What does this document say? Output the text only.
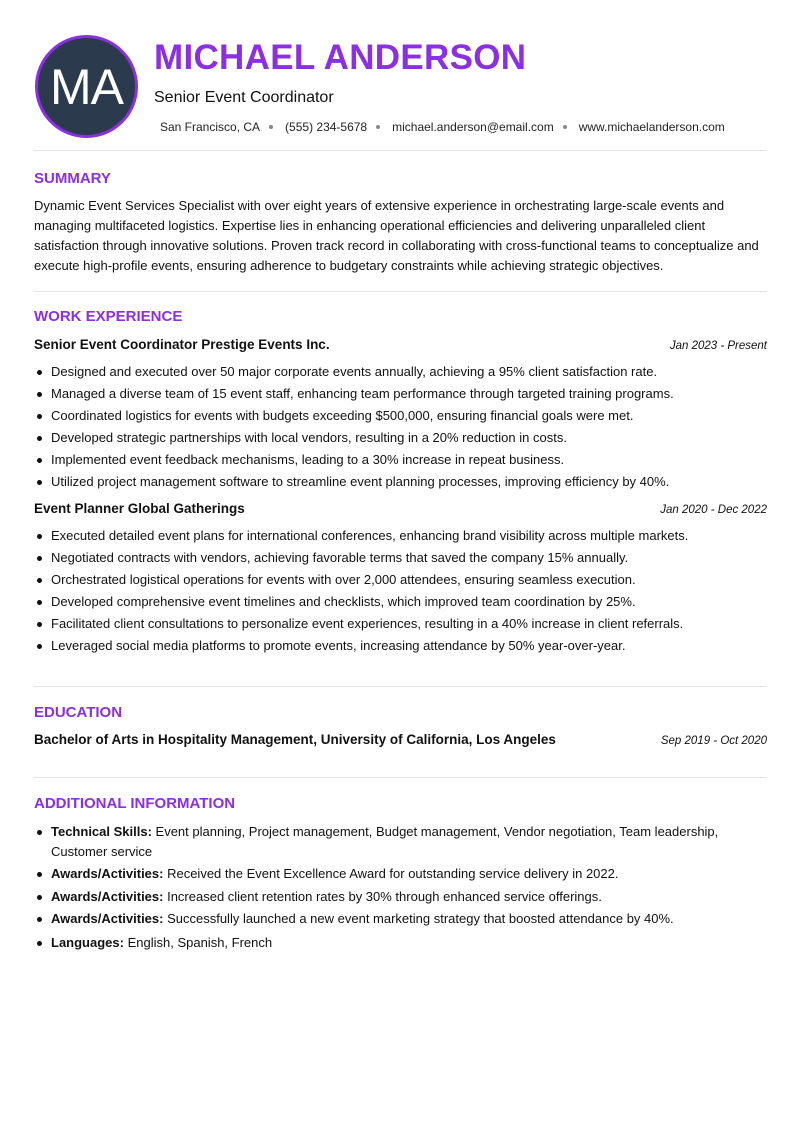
MA
MICHAEL ANDERSON
Senior Event Coordinator
San Francisco, CA (555) 234-5678 michael.anderson@email.com www.michaelanderson.com
SUMMARY
Dynamic Event Services Specialist with over eight years of extensive experience in orchestrating large-scale events and managing multifaceted logistics. Expertise lies in enhancing operational efficiencies and delivering unparalleled client satisfaction through innovative solutions. Proven track record in collaborating with cross-functional teams to conceptualize and execute high-profile events, ensuring adherence to budgetary constraints while achieving strategic objectives.
WORK EXPERIENCE
Senior Event Coordinator Prestige Events Inc.	Jan 2023 - Present
Designed and executed over 50 major corporate events annually, achieving a 95% client satisfaction rate.
Managed a diverse team of 15 event staff, enhancing team performance through targeted training programs.
Coordinated logistics for events with budgets exceeding $500,000, ensuring financial goals were met.
Developed strategic partnerships with local vendors, resulting in a 20% reduction in costs.
Implemented event feedback mechanisms, leading to a 30% increase in repeat business.
Utilized project management software to streamline event planning processes, improving efficiency by 40%.
Event Planner Global Gatherings	Jan 2020 - Dec 2022
Executed detailed event plans for international conferences, enhancing brand visibility across multiple markets.
Negotiated contracts with vendors, achieving favorable terms that saved the company 15% annually.
Orchestrated logistical operations for events with over 2,000 attendees, ensuring seamless execution.
Developed comprehensive event timelines and checklists, which improved team coordination by 25%.
Facilitated client consultations to personalize event experiences, resulting in a 40% increase in client referrals.
Leveraged social media platforms to promote events, increasing attendance by 50% year-over-year.
EDUCATION
Bachelor of Arts in Hospitality Management, University of California, Los Angeles	Sep 2019 - Oct 2020
ADDITIONAL INFORMATION
Technical Skills: Event planning, Project management, Budget management, Vendor negotiation, Team leadership, Customer service
Awards/Activities: Received the Event Excellence Award for outstanding service delivery in 2022.
Awards/Activities: Increased client retention rates by 30% through enhanced service offerings.
Awards/Activities: Successfully launched a new event marketing strategy that boosted attendance by 40%.
Languages: English, Spanish, French
